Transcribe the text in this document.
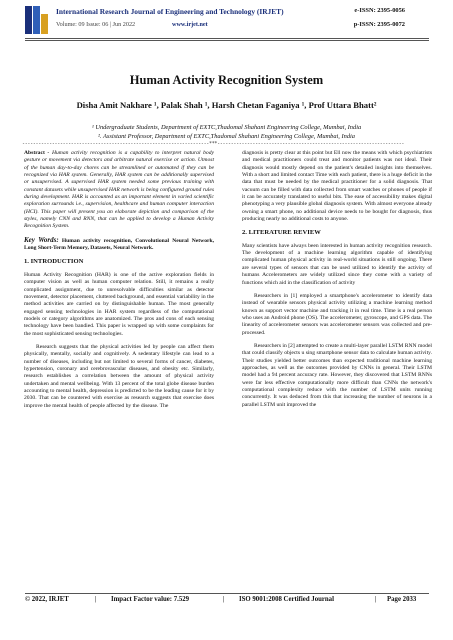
International Research Journal of Engineering and Technology (IRJET)
Volume: 09 Issue: 06 | Jun 2022	www.irjet.net
e-ISSN: 2395-0056
p-ISSN: 2395-0072
Human Activity Recognition System
Disha Amit Nakhare ¹, Palak Shah ¹, Harsh Chetan Faganiya ¹, Prof Uttara Bhatt²
¹ Undergraduate Students, Department of EXTC,Thadomal Shahani Engineering College, Mumbai, India
². Assistant Professor, Department of EXTC,Thadomal Shahani Engineering College, Mumbai, India
---------------------------------------------------------------------***---------------------------------------------------------------------

Abstract - Human activity recognition is a capability to interpret natural body gesture or movement via detectors and arbitrate natural exercise or action. Utmost of the human day-to-day chores can be streamlined or automated if they can be recognized via HAR system. Generally, HAR system can be additionally supervised or unsupervised. A supervised HAR system needed some previous training with constant datasets while unsupervised HAR network is being configured ground rules during development. HAR is accounted as an important element in varied scientific exploration surrounds i.e., supervision, healthcare and human computer interaction (HCI). This paper will present you an elaborate depiction and comparison of the styles, namely CNN and RNN, that can be applied to develop a Human Activity Recognition System.

Key Words: Human activity recognition, Convolutional Neural Network, Long Short-Term Memory, Datasets, Neural Network.

1. INTRODUCTION

Human Activity Recognition (HAR) is one of the active exploration fields in computer vision as well as human computer relation. Still, it remains a really complicated assignment, due to unresolvable difficulties similar as detector movement, detector placement, cluttered background, and essential variability in the method activities are carried on by distinguishable human. The most generally engaged sensing technologies in HAR system regardless of the computational models or category algorithms are anatomized. The pros and cons of each sensing technology have been bandied. This paper is wrapped up with some complaints for the most sophisticated sensing technologies.

Research suggests that the physical activities led by people can affect them physically, mentally, socially and cognitively. A sedentary lifestyle can lead to a number of diseases, including but not limited to several forms of cancer, diabetes, hypertension, coronary and cerebrovascular diseases, and obesity etc. Similarly, research establishes a correlation between the amount of physical activity undertaken and mental wellbeing. With 13 percent of the total globe disease burden accounting to mental health, depression is predicted to be the leading cause for it by 2030. That can be countered with exercise as research suggests that exercise does improve the mental health of people affected by the disease. The

diagnosis is pretty clear at this point but Ell now the means with which psychiatrists and medical practitioners could treat and monitor patients was not ideal. Their diagnosis would mostly depend on the patient's detailed insights into themselves. With a short and limited contact Time with each patient, there is a huge deficit in the data that must be needed by the medical practitioner for a solid diagnosis. That vacuum can be filled with data collected from smart watches or phones of people if it can be accurately translated to useful bits. The ease of accessibility makes digital phenotyping a very plausible global diagnosis system. With almost everyone already owning a smart phone, no additional device needs to be bought for diagnosis, thus producing nearly no additional costs to anyone.

2. LITERATURE REVIEW

Many scientists have always been interested in human activity recognition research. The development of a machine learning algorithm capable of identifying complicated human physical activity in real-world situations is still ongoing. There are several types of sensors that can be used utilized to identify the activity of humans Accelerometers are widely utilized since they come with a variety of functions which aid in the classification of activity

Researchers in [1] employed a smartphone's accelerometer to identify data instead of wearable sensors physical activity utilizing a machine learning method known as support vector machine and tracking it in real time. Time is a real person who uses an Android phone (OS). The accelerometer, gyroscope, and GPS data. The linearity of accelerometer sensors was accelerometer sensors was collected and pre-processed.

Researchers in [2] attempted to create a multi-layer parallel LSTM RNN model that could classify objects u sing smartphone sensor data to calculate human activity. Their studies yielded better outcomes than expected traditional machine learning approaches, as well as the outcomes provided by CNNs in general. Their LSTM model had a 94 percent accuracy rate. However, they discovered that LSTM RNNs were far less effective computationally more difficult than CNNs the network's computational complexity reduce with the number of LSTM units running concurrently. It was deduced from this that increasing the number of neurons in a parallel LSTM unit improved the

© 2022, IRJET	| Impact Factor value: 7.529	| ISO 9001:2008 Certified Journal	| Page 2033
